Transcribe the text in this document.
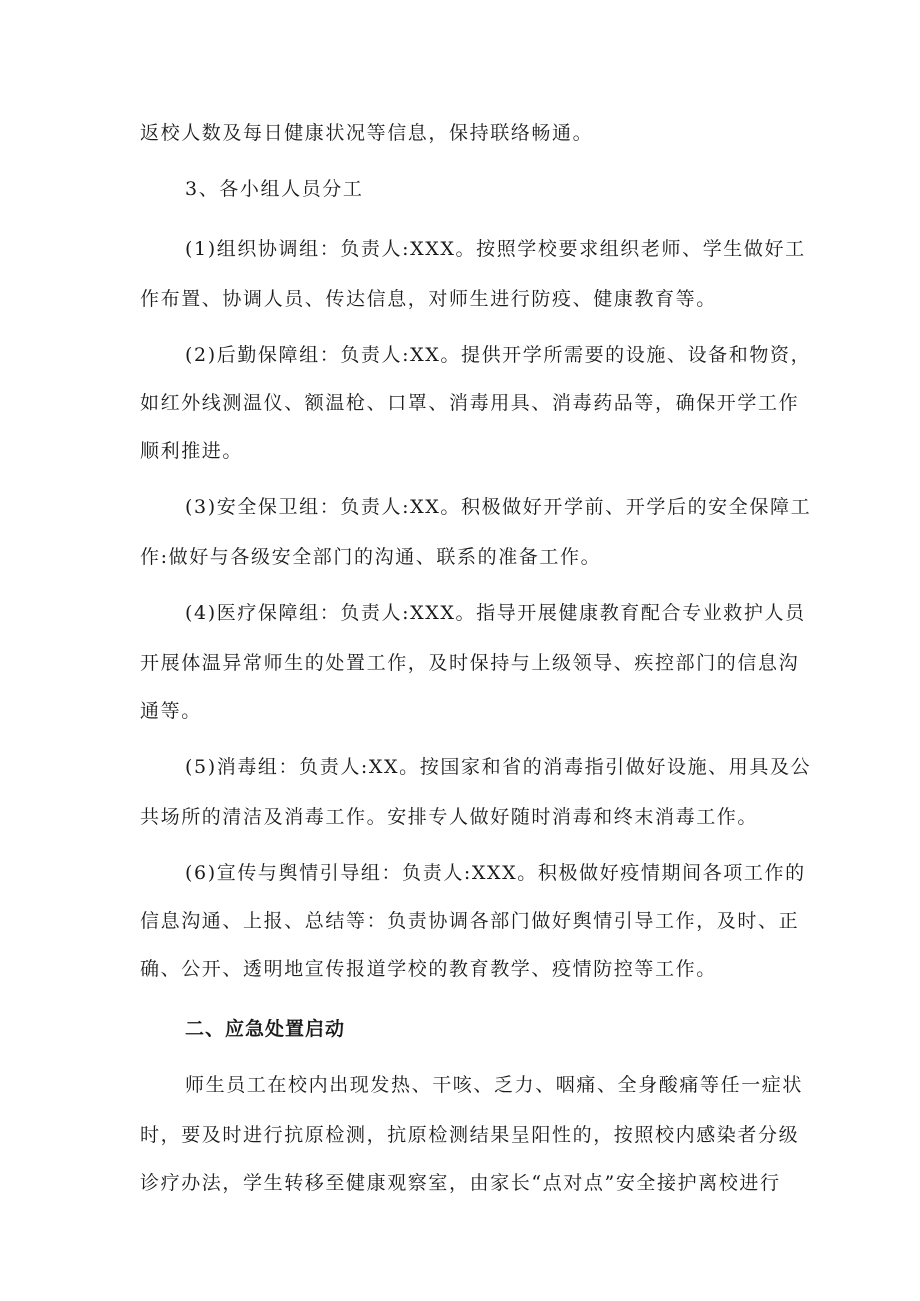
返校人数及每日健康状况等信息，保持联络畅通。
3、各小组人员分工
(1)组织协调组：负责人:XXX。按照学校要求组织老师、学生做好工
作布置、协调人员、传达信息，对师生进行防疫、健康教育等。
(2)后勤保障组：负责人:XX。提供开学所需要的设施、设备和物资，
如红外线测温仪、额温枪、口罩、消毒用具、消毒药品等，确保开学工作
顺利推进。
(3)安全保卫组：负责人:XX。积极做好开学前、开学后的安全保障工
作:做好与各级安全部门的沟通、联系的准备工作。
(4)医疗保障组：负责人:XXX。指导开展健康教育配合专业救护人员
开展体温异常师生的处置工作，及时保持与上级领导、疾控部门的信息沟
通等。
(5)消毒组：负责人:XX。按国家和省的消毒指引做好设施、用具及公
共场所的清洁及消毒工作。安排专人做好随时消毒和终末消毒工作。
(6)宣传与舆情引导组：负责人:XXX。积极做好疫情期间各项工作的
信息沟通、上报、总结等：负责协调各部门做好舆情引导工作，及时、正
确、公开、透明地宣传报道学校的教育教学、疫情防控等工作。
二、应急处置启动
师生员工在校内出现发热、干咳、乏力、咽痛、全身酸痛等任一症状
时，要及时进行抗原检测，抗原检测结果呈阳性的，按照校内感染者分级
诊疗办法，学生转移至健康观察室，由家长“点对点”安全接护离校进行
